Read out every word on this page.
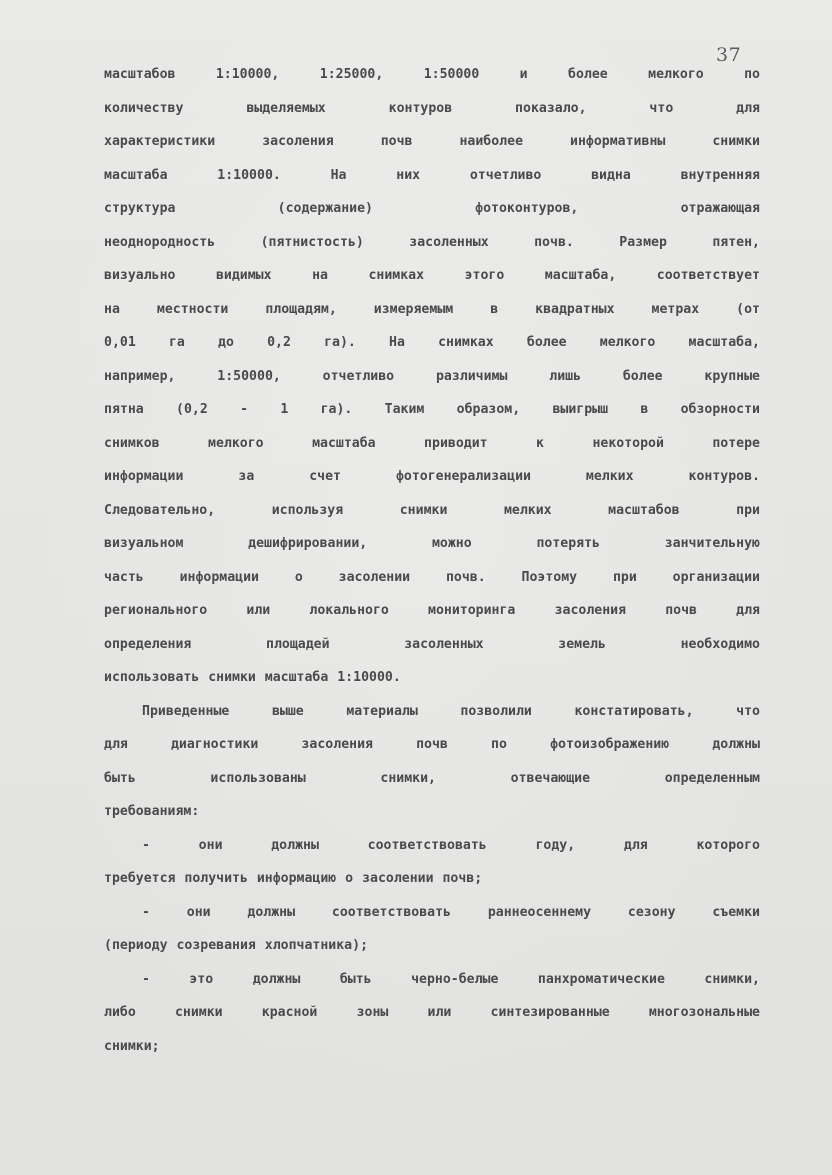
37
масштабов 1:10000, 1:25000, 1:50000 и более мелкого по
количеству выделяемых контуров показало, что для
характеристики засоления почв наиболее информативны снимки
масштаба 1:10000. На них отчетливо видна внутренняя
структура (содержание) фотоконтуров, отражающая
неоднородность (пятнистость) засоленных почв. Размер пятен,
визуально видимых на снимках этого масштаба, соответствует
на местности площадям, измеряемым в квадратных метрах (от
0,01 га до 0,2 га). На снимках более мелкого масштаба,
например, 1:50000, отчетливо различимы лишь более крупные
пятна (0,2 - 1 га). Таким образом, выигрыш в обзорности
снимков мелкого масштаба приводит к некоторой потере
информации за счет фотогенерализации мелких контуров.
Следовательно, используя снимки мелких масштабов при
визуальном дешифрировании, можно потерять занчительную
часть информации о засолении почв. Поэтому при организации
регионального или локального мониторинга засоления почв для
определения площадей засоленных земель необходимо
использовать снимки масштаба 1:10000.
Приведенные выше материалы позволили констатировать, что
для диагностики засоления почв по фотоизображению должны
быть использованы снимки, отвечающие определенным
требованиям:
- они должны соответствовать году, для которого
требуется получить информацию о засолении почв;
- они должны соответствовать раннеосеннему сезону съемки
(периоду созревания хлопчатника);
- это должны быть черно-белые панхроматические снимки,
либо снимки красной зоны или синтезированные многозональные
снимки;
